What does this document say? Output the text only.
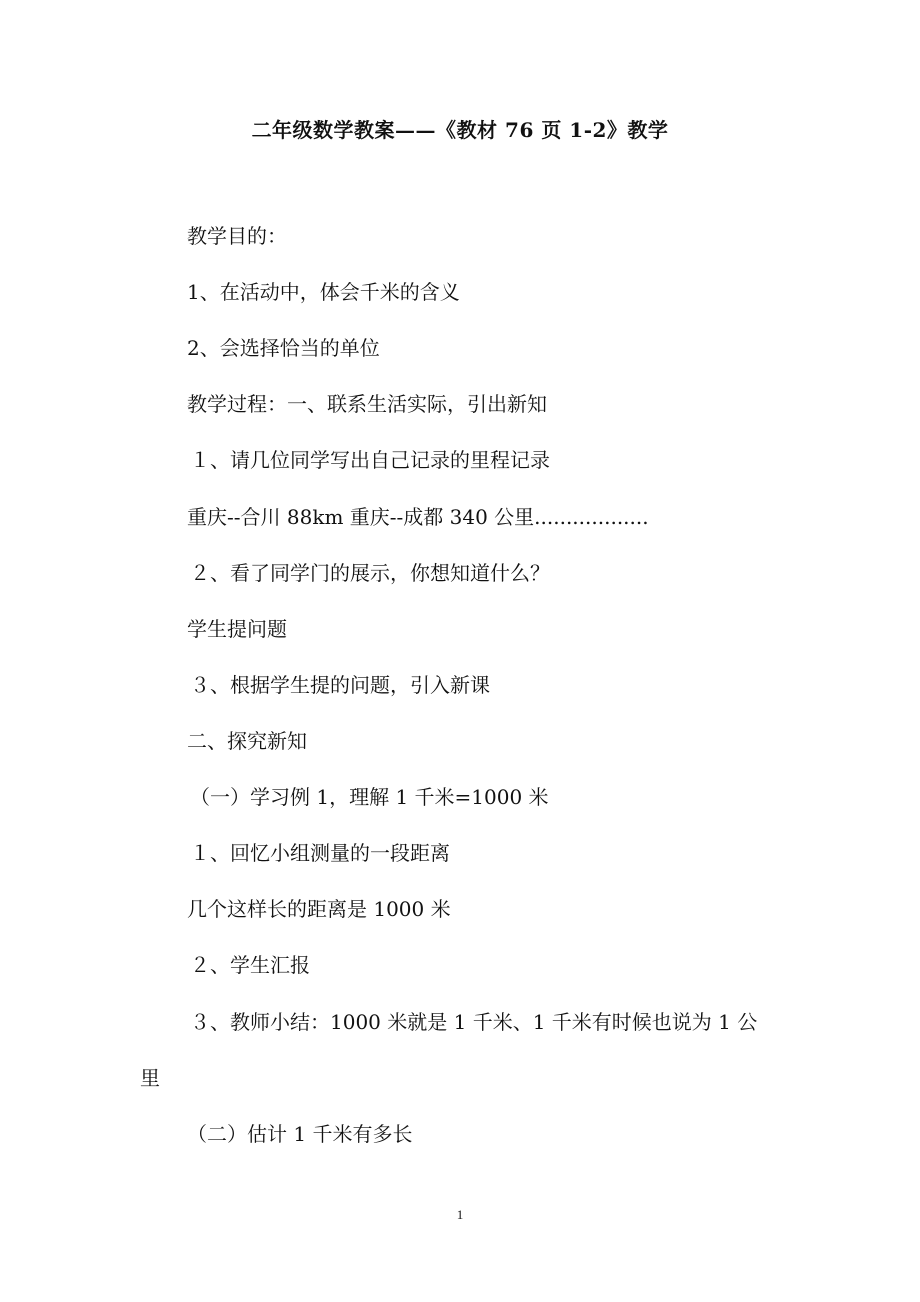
二年级数学教案——《教材 76 页 1-2》教学
教学目的：
1、在活动中，体会千米的含义
2、会选择恰当的单位
教学过程：一、联系生活实际，引出新知
１、请几位同学写出自己记录的里程记录
重庆--合川 88km 重庆--成都 340 公里..................
２、看了同学门的展示，你想知道什么？
学生提问题
３、根据学生提的问题，引入新课
二、探究新知
（一）学习例 1，理解 1 千米=1000 米
１、回忆小组测量的一段距离
几个这样长的距离是 1000 米
２、学生汇报
３、教师小结：1000 米就是 1 千米、1 千米有时候也说为 1 公
里
（二）估计 1 千米有多长
1
